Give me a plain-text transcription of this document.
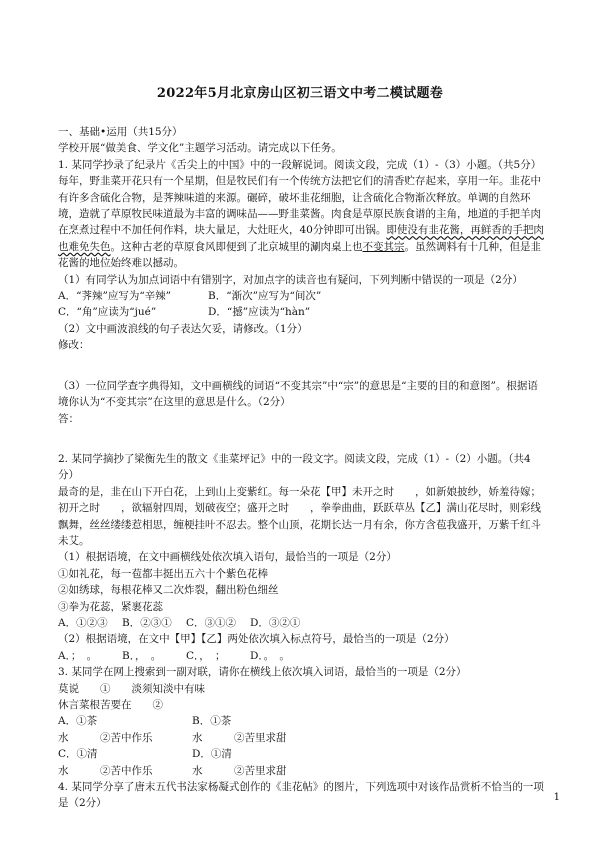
2022年5月北京房山区初三语文中考二模试题卷

一、基础•运用（共15分）

学校开展“做美食、学文化”主题学习活动。请完成以下任务。

1. 某同学抄录了纪录片《舌尖上的中国》中的一段解说词。阅读文段，完成（1）-（3）小题。（共5分）

每年，野韭菜开花只有一个星期，但是牧民们有一个传统方法把它们的清香贮存起来，享用一年。韭花中有许多含硫化合物，是荠辣味道的来源。碾碎，破坏韭花细胞，让含硫化合物渐次释放。单调的自然环境，造就了草原牧民味道最为丰富的调味品——野韭菜酱。肉食是草原民族食谱的主角，地道的手把羊肉在烹煮过程中不加任何作料，块大量足，大灶旺火，40分钟即可出锅。即使没有韭花酱，再鲜香的手把肉也难免失色。这种古老的草原食风即便到了北京城里的涮肉桌上也不变其宗。虽然调料有十几种，但是韭花酱的地位始终难以撼动。

（1）有同学认为加点词语中有错别字，对加点字的读音也有疑问，下列判断中错误的一项是（2分）

A．“荠辣”应写为“辛辣”	B．“渐次”应写为“间次”

C．“角”应读为“jué”	D．“撼”应读为“hàn”

（2）文中画波浪线的句子表达欠妥，请修改。（1分）

修改：

（3）一位同学查字典得知，文中画横线的词语“不变其宗”中“宗”的意思是“主要的目的和意图”。根据语境你认为“不变其宗”在这里的意思是什么。（2分）

答：

2. 某同学摘抄了梁衡先生的散文《韭菜坪记》中的一段文字。阅读文段，完成（1）-（2）小题。（共4分）

最奇的是，韭在山下开白花，上到山上变紫红。每一朵花【甲】未开之时　　，如新娘披纱，娇羞待嫁；初开之时　　，欲辐射四周，划破夜空；盛开之时　　，拳拳曲曲，跃跃草丛【乙】满山花尽时，则彩线飘舞，丝丝缕缕惹相思，缠梗挂叶不忍去。整个山顶，花期长达一月有余，你方含苞我盛开，万紫千红斗未艾。

（1）根据语境，在文中画横线处依次填入语句，最恰当的一项是（2分）

①如礼花，每一苞都丰挺出五六十个紫色花棒

②如绣球，每根花棒又二次炸裂，翻出粉色细丝

③拳为花蕊，紧裹花蕊

A．①②③ B．②③① C．③①② D．③②①

（2）根据语境，在文中【甲】【乙】两处依次填入标点符号，最恰当的一项是（2分）

A．；　。 B．，　。 C．，　； D．。　。

3. 某同学在网上搜索到一副对联，请你在横线上依次填入词语，最恰当的一项是（2分）

莫说　　①　　淡须知淡中有味

休言菜根苦要在　　②

A．①茶水	②苦中作乐B．①茶水	②苦里求甜

C．①清水	②苦中作乐D．①清水	②苦里求甜

4. 某同学分享了唐末五代书法家杨凝式创作的《韭花帖》的图片，下列选项中对该作品赏析不恰当的一项是（2分）	1
